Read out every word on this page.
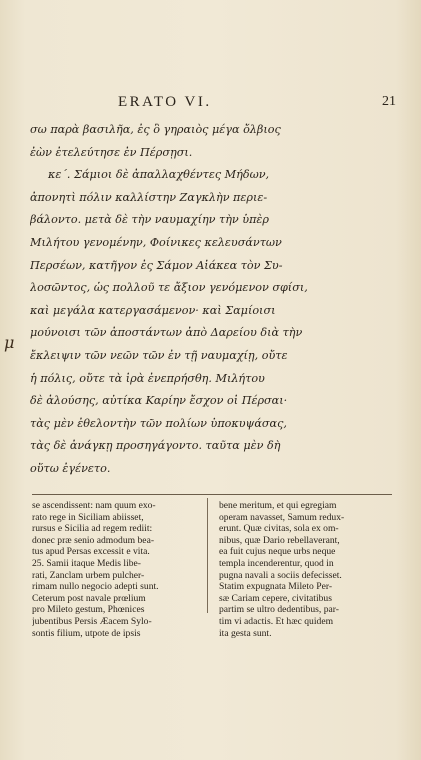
ERATO VI.	21
μ
σω παρὰ βασιλῆα, ἐς ὃ γηραιὸς μέγα ὄλβιος
ἐὼν ἐτελεύτησε ἐν Πέρσῃσι.
κε΄. Σάμιοι δὲ ἀπαλλαχθέντες Μήδων,
ἀπονητὶ πόλιν καλλίστην Ζαγκλὴν περιε-
βάλοντο. μετὰ δὲ τὴν ναυμαχίην τὴν ὑπὲρ
Μιλήτου γενομένην, Φοίνικες κελευσάντων
Περσέων, κατῆγον ἐς Σάμον Αἰάκεα τὸν Συ-
λοσῶντος, ὡς πολλοῦ τε ἄξιον γενόμενον σφίσι,
καὶ μεγάλα κατεργασάμενον· καὶ Σαμίοισι
μούνοισι τῶν ἀποστάντων ἀπὸ Δαρείου διὰ τὴν
ἔκλειψιν τῶν νεῶν τῶν ἐν τῇ ναυμαχίῃ, οὔτε
ἡ πόλις, οὔτε τὰ ἱρὰ ἐνεπρήσθη. Μιλήτου
δὲ ἁλούσης, αὐτίκα Καρίην ἔσχον οἱ Πέρσαι·
τὰς μὲν ἐθελοντὴν τῶν πολίων ὑποκυψάσας,
τὰς δὲ ἀνάγκῃ προσηγάγοντο. ταῦτα μὲν δὴ
οὕτω ἐγένετο.
se ascendissent: nam quum exo-
rato rege in Siciliam abiisset,
rursus e Sicilia ad regem rediit:
donec præ senio admodum bea-
tus apud Persas excessit e vita.
25. Samii itaque Medis libe-
rati, Zanclam urbem pulcher-
rimam nullo negocio adepti sunt.
Ceterum post navale prœlium
pro Mileto gestum, Phœnices
jubentibus Persis Æacem Sylo-
sontis filium, utpote de ipsis
bene meritum, et qui egregiam
operam navasset, Samum redux-
erunt. Quæ civitas, sola ex om-
nibus, quæ Dario rebellaverant,
ea fuit cujus neque urbs neque
templa incenderentur, quod in
pugna navali a sociis defecisset.
Statim expugnata Mileto Per-
sæ Cariam cepere, civitatibus
partim se ultro dedentibus, par-
tim vi adactis. Et hæc quidem
ita gesta sunt.
